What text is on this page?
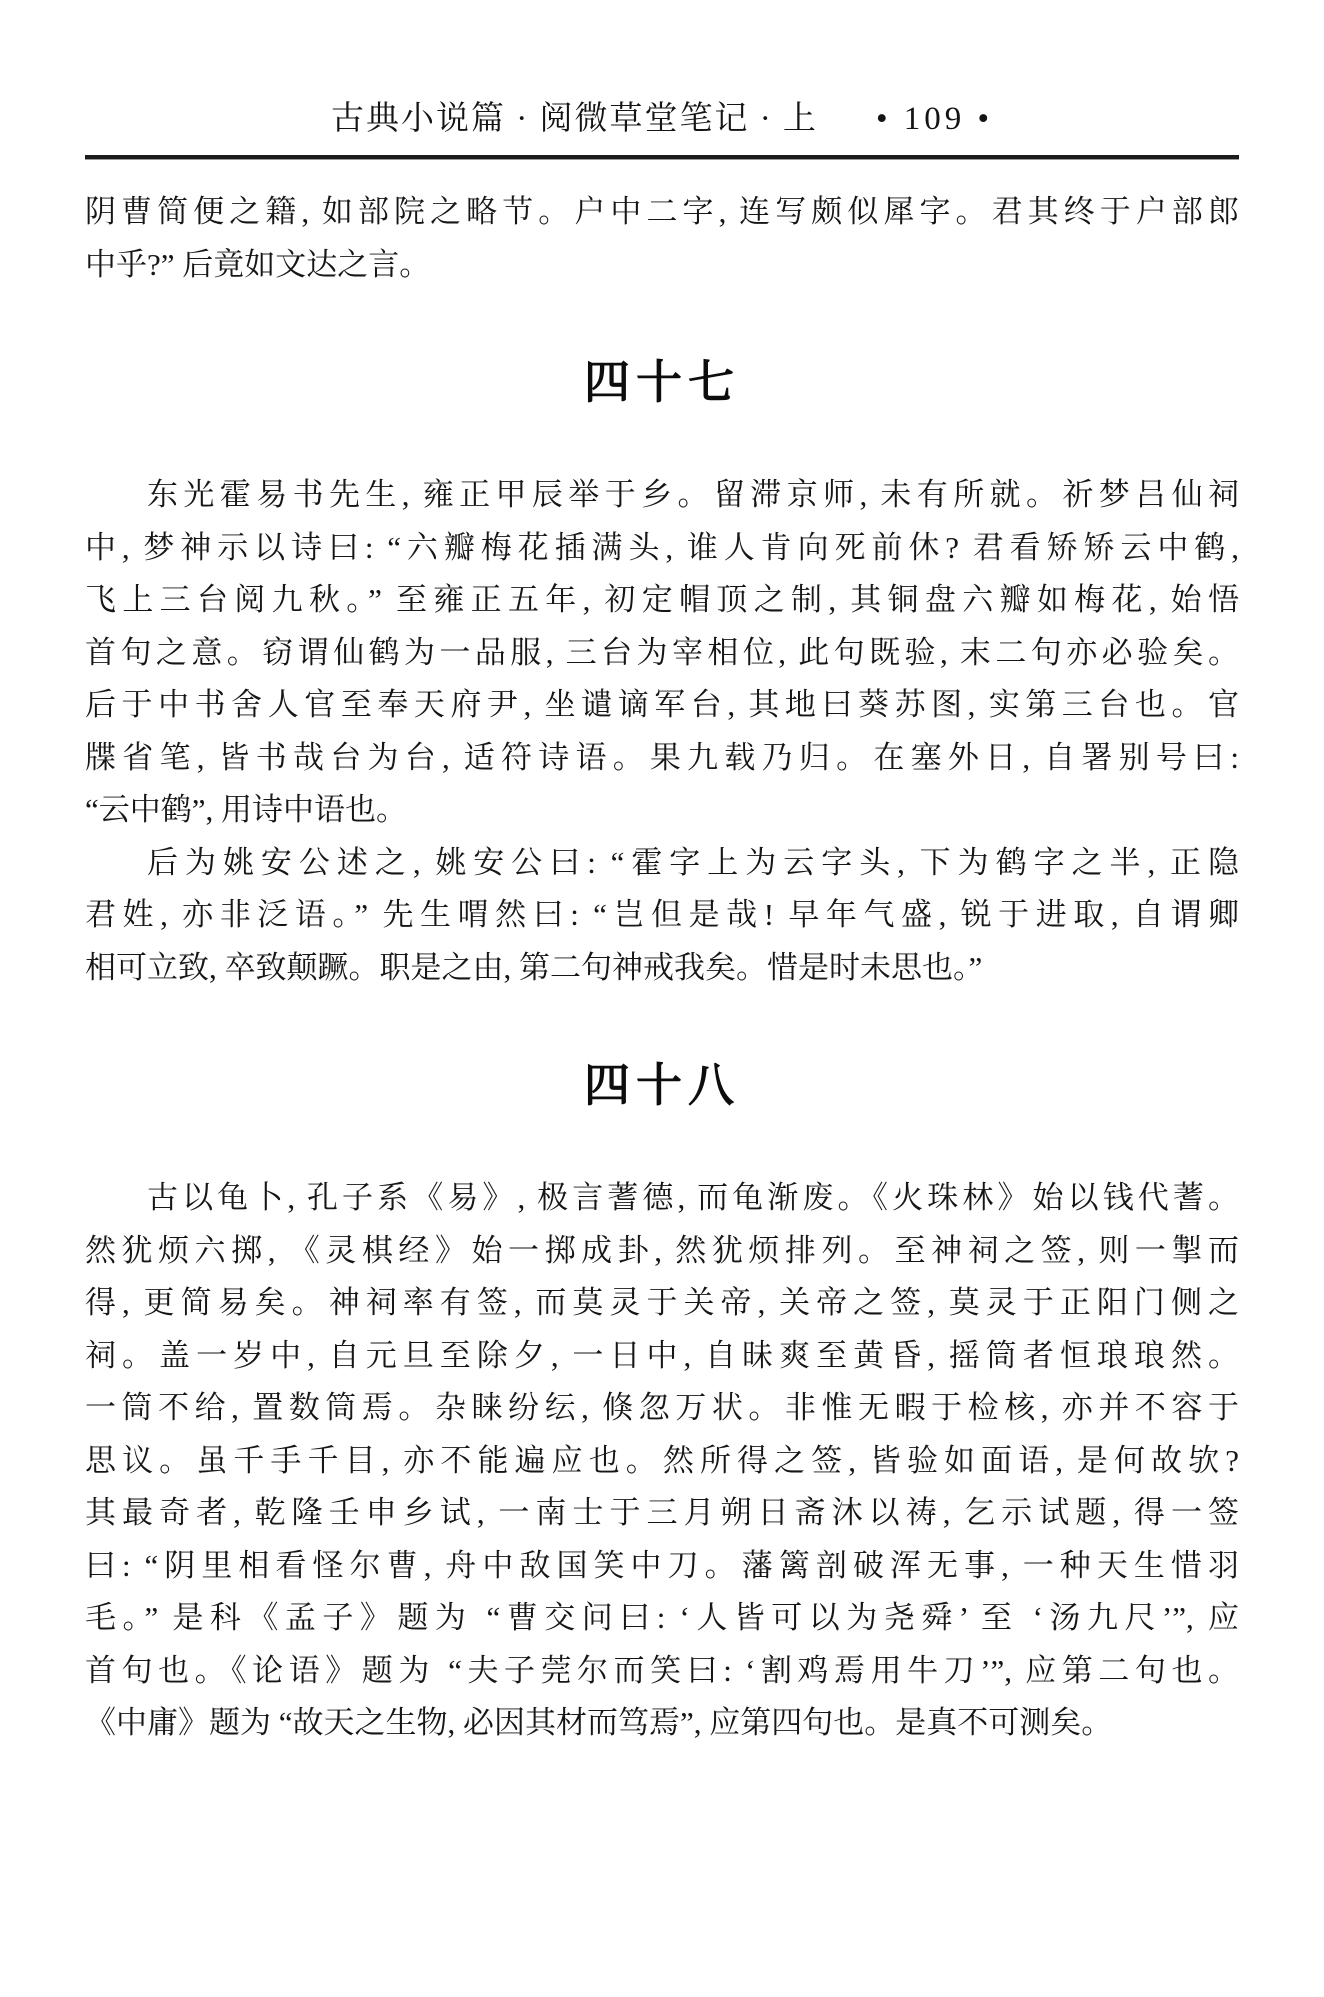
古典小说篇 · 阅微草堂笔记 · 上 • 109 •
阴曹简便之籍, 如部院之略节。户中二字, 连写颇似犀字。君其终于户部郎
中乎?” 后竟如文达之言。
四十七
东光霍易书先生, 雍正甲辰举于乡。留滞京师, 未有所就。祈梦吕仙祠
中, 梦神示以诗曰: “六瓣梅花插满头, 谁人肯向死前休? 君看矫矫云中鹤,
飞上三台阅九秋。” 至雍正五年, 初定帽顶之制, 其铜盘六瓣如梅花, 始悟
首句之意。窃谓仙鹤为一品服, 三台为宰相位, 此句既验, 末二句亦必验矣。
后于中书舍人官至奉天府尹, 坐谴谪军台, 其地曰葵苏图, 实第三台也。官
牒省笔, 皆书哉台为台, 适符诗语。果九载乃归。在塞外日, 自署别号曰:
“云中鹤”, 用诗中语也。
后为姚安公述之, 姚安公曰: “霍字上为云字头, 下为鹤字之半, 正隐
君姓, 亦非泛语。” 先生喟然曰: “岂但是哉! 早年气盛, 锐于进取, 自谓卿
相可立致, 卒致颠蹶。职是之由, 第二句神戒我矣。惜是时未思也。”
四十八
古以龟卜, 孔子系《易》, 极言蓍德, 而龟渐废。《火珠林》始以钱代蓍。
然犹烦六掷, 《灵棋经》始一掷成卦, 然犹烦排列。至神祠之签, 则一掣而
得, 更简易矣。神祠率有签, 而莫灵于关帝, 关帝之签, 莫灵于正阳门侧之
祠。盖一岁中, 自元旦至除夕, 一日中, 自昧爽至黄昏, 摇筒者恒琅琅然。
一筒不给, 置数筒焉。杂睐纷纭, 倏忽万状。非惟无暇于检核, 亦并不容于
思议。虽千手千目, 亦不能遍应也。然所得之签, 皆验如面语, 是何故欤?
其最奇者, 乾隆壬申乡试, 一南士于三月朔日斋沐以祷, 乞示试题, 得一签
曰: “阴里相看怪尔曹, 舟中敌国笑中刀。藩篱剖破浑无事, 一种天生惜羽
毛。” 是科《孟子》题为 “曹交问曰: ‘人皆可以为尧舜’ 至 ‘汤九尺’”, 应
首句也。《论语》题为 “夫子莞尔而笑曰: ‘割鸡焉用牛刀’”, 应第二句也。
《中庸》题为 “故天之生物, 必因其材而笃焉”, 应第四句也。是真不可测矣。
